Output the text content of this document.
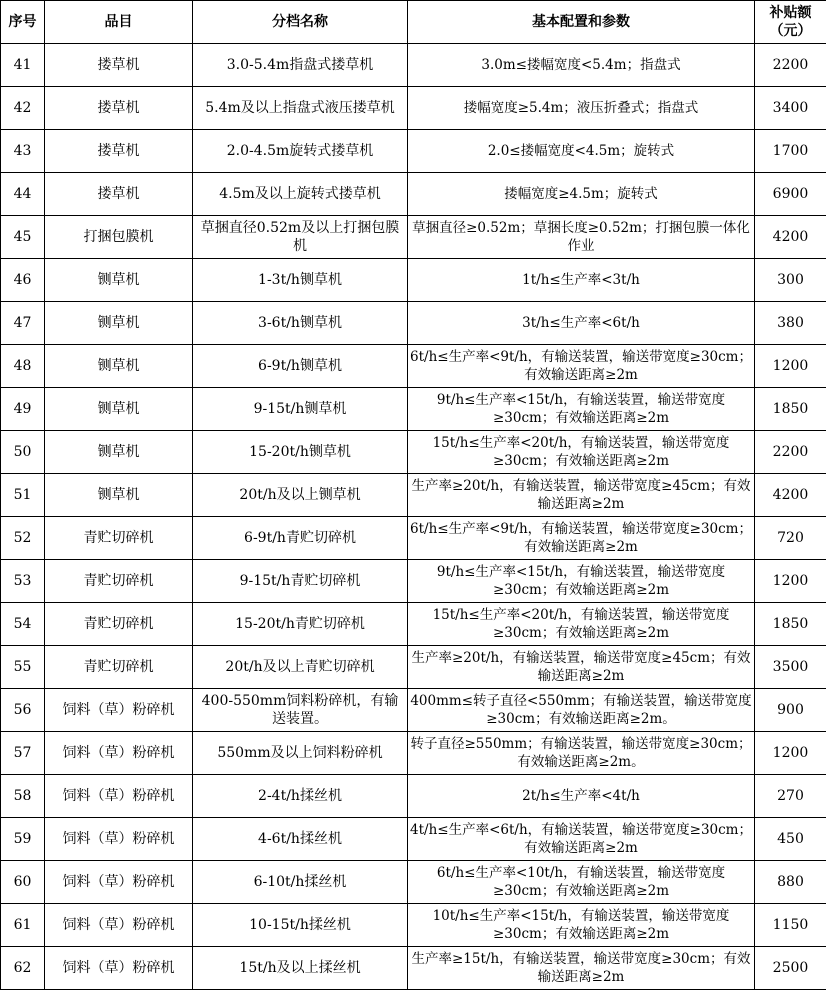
序号	品目	分档名称	基本配置和参数	补贴额（元）
41	搂草机	3.0-5.4m指盘式搂草机	3.0m≤搂幅宽度<5.4m；指盘式	2200
42	搂草机	5.4m及以上指盘式液压搂草机	搂幅宽度≥5.4m；液压折叠式；指盘式	3400
43	搂草机	2.0-4.5m旋转式搂草机	2.0≤搂幅宽度<4.5m；旋转式	1700
44	搂草机	4.5m及以上旋转式搂草机	搂幅宽度≥4.5m；旋转式	6900
45	打捆包膜机	草捆直径0.52m及以上打捆包膜机	草捆直径≥0.52m；草捆长度≥0.52m；打捆包膜一体化作业	4200
46	铡草机	1-3t/h铡草机	1t/h≤生产率<3t/h	300
47	铡草机	3-6t/h铡草机	3t/h≤生产率<6t/h	380
48	铡草机	6-9t/h铡草机	6t/h≤生产率<9t/h，有输送装置，输送带宽度≥30cm；有效输送距离≥2m	1200
49	铡草机	9-15t/h铡草机	9t/h≤生产率<15t/h，有输送装置，输送带宽度≥30cm；有效输送距离≥2m	1850
50	铡草机	15-20t/h铡草机	15t/h≤生产率<20t/h，有输送装置，输送带宽度≥30cm；有效输送距离≥2m	2200
51	铡草机	20t/h及以上铡草机	生产率≥20t/h，有输送装置，输送带宽度≥45cm；有效输送距离≥2m	4200
52	青贮切碎机	6-9t/h青贮切碎机	6t/h≤生产率<9t/h，有输送装置，输送带宽度≥30cm；有效输送距离≥2m	720
53	青贮切碎机	9-15t/h青贮切碎机	9t/h≤生产率<15t/h，有输送装置，输送带宽度≥30cm；有效输送距离≥2m	1200
54	青贮切碎机	15-20t/h青贮切碎机	15t/h≤生产率<20t/h，有输送装置，输送带宽度≥30cm；有效输送距离≥2m	1850
55	青贮切碎机	20t/h及以上青贮切碎机	生产率≥20t/h，有输送装置，输送带宽度≥45cm；有效输送距离≥2m	3500
56	饲料（草）粉碎机	400-550mm饲料粉碎机，有输送装置。	400mm≤转子直径<550mm；有输送装置，输送带宽度≥30cm；有效输送距离≥2m。	900
57	饲料（草）粉碎机	550mm及以上饲料粉碎机	转子直径≥550mm；有输送装置，输送带宽度≥30cm；有效输送距离≥2m。	1200
58	饲料（草）粉碎机	2-4t/h揉丝机	2t/h≤生产率<4t/h	270
59	饲料（草）粉碎机	4-6t/h揉丝机	4t/h≤生产率<6t/h，有输送装置，输送带宽度≥30cm；有效输送距离≥2m	450
60	饲料（草）粉碎机	6-10t/h揉丝机	6t/h≤生产率<10t/h，有输送装置，输送带宽度≥30cm；有效输送距离≥2m	880
61	饲料（草）粉碎机	10-15t/h揉丝机	10t/h≤生产率<15t/h，有输送装置，输送带宽度≥30cm；有效输送距离≥2m	1150
62	饲料（草）粉碎机	15t/h及以上揉丝机	生产率≥15t/h，有输送装置，输送带宽度≥30cm；有效输送距离≥2m	2500
